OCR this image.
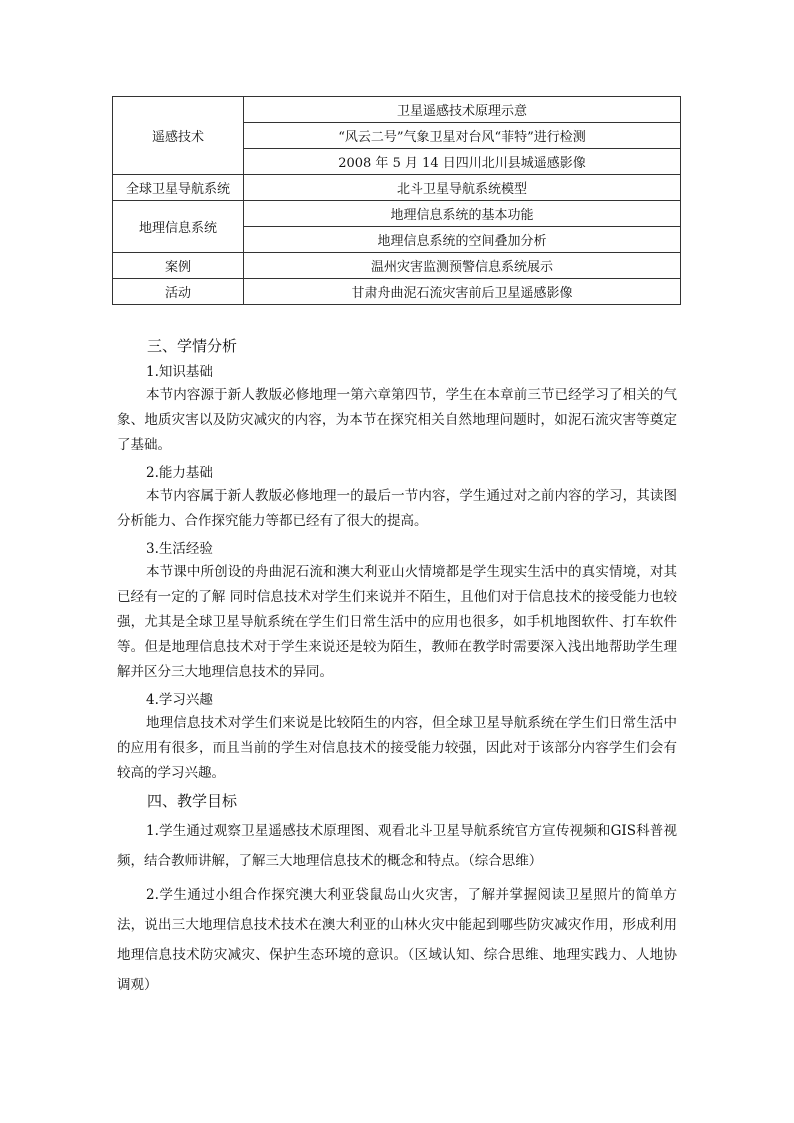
遥感技术	卫星遥感技术原理示意
	“风云二号”气象卫星对台风“菲特”进行检测
	2008 年 5 月 14 日四川北川县城遥感影像
全球卫星导航系统	北斗卫星导航系统模型
地理信息系统	地理信息系统的基本功能
	地理信息系统的空间叠加分析
案例	温州灾害监测预警信息系统展示
活动	甘肃舟曲泥石流灾害前后卫星遥感影像
三、学情分析
1.知识基础

本节内容源于新人教版必修地理一第六章第四节，学生在本章前三节已经学习了相关的气象、地质灾害以及防灾减灾的内容，为本节在探究相关自然地理问题时，如泥石流灾害等奠定了基础。

2.能力基础

本节内容属于新人教版必修地理一的最后一节内容，学生通过对之前内容的学习，其读图分析能力、合作探究能力等都已经有了很大的提高。

3.生活经验

本节课中所创设的舟曲泥石流和澳大利亚山火情境都是学生现实生活中的真实情境，对其已经有一定的了解 同时信息技术对学生们来说并不陌生，且他们对于信息技术的接受能力也较强，尤其是全球卫星导航系统在学生们日常生活中的应用也很多，如手机地图软件、打车软件等。但是地理信息技术对于学生来说还是较为陌生，教师在教学时需要深入浅出地帮助学生理解并区分三大地理信息技术的异同。

4.学习兴趣

地理信息技术对学生们来说是比较陌生的内容，但全球卫星导航系统在学生们日常生活中的应用有很多，而且当前的学生对信息技术的接受能力较强，因此对于该部分内容学生们会有较高的学习兴趣。

四、教学目标

1.学生通过观察卫星遥感技术原理图、观看北斗卫星导航系统官方宣传视频和GIS科普视频，结合教师讲解，了解三大地理信息技术的概念和特点。（综合思维）

2.学生通过小组合作探究澳大利亚袋鼠岛山火灾害，了解并掌握阅读卫星照片的简单方法，说出三大地理信息技术技术在澳大利亚的山林火灾中能起到哪些防灾减灾作用，形成利用地理信息技术防灾减灾、保护生态环境的意识。（区域认知、综合思维、地理实践力、人地协调观）
